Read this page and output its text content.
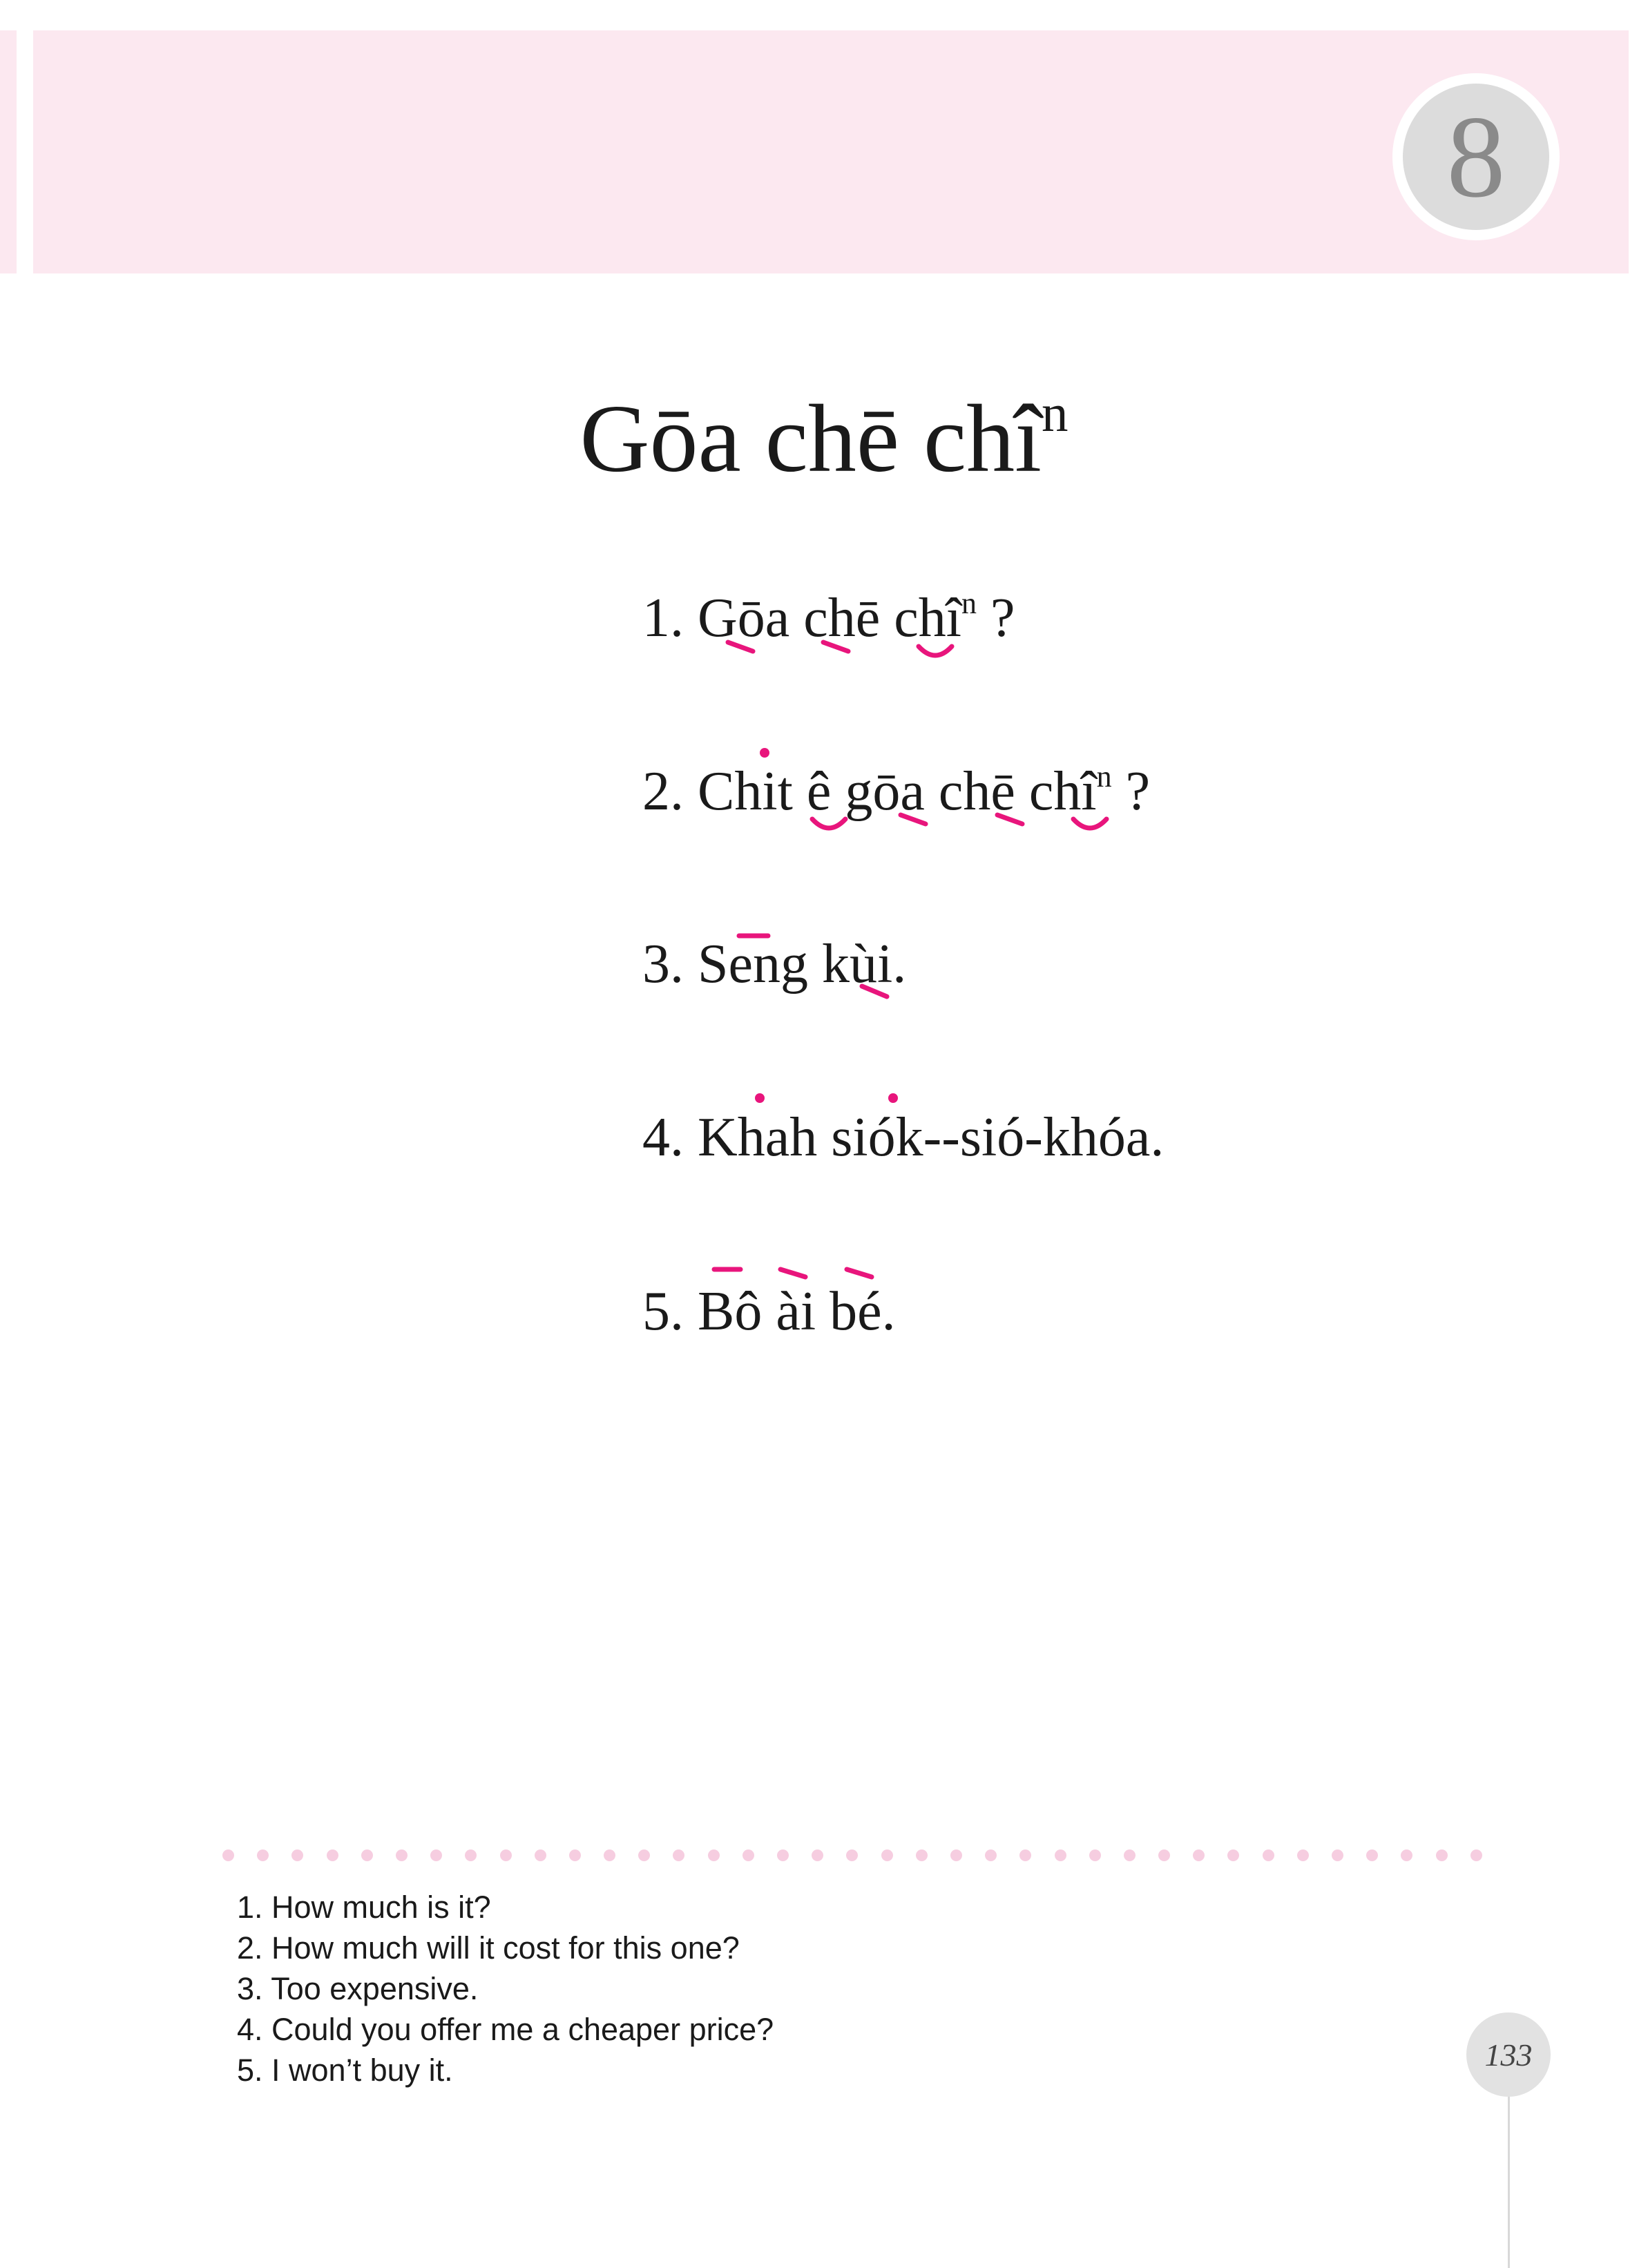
8
Gōa chē chî$^n$
1. Gōa chē chî$^n$ ?
2. Chit ê gōa chē chî$^n$ ?
3. Seng kùi.
4. Khah siók--sió-khóa.
5. Bô ài bé.
1. How much is it?
2. How much will it cost for this one?
3. Too expensive.
4. Could you offer me a cheaper price?
5. I won’t buy it.	133
